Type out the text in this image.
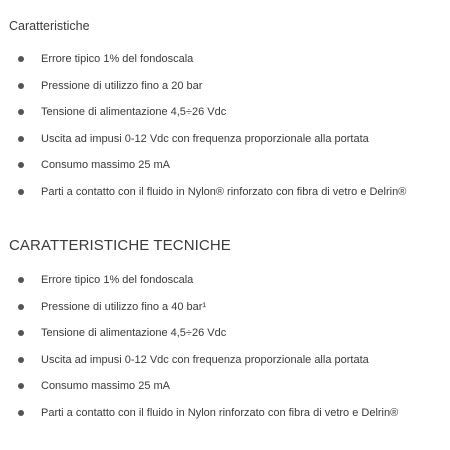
Caratteristiche
Errore tipico 1% del fondoscala
Pressione di utilizzo fino a 20 bar
Tensione di alimentazione 4,5÷26 Vdc
Uscita ad impusi 0-12 Vdc con frequenza proporzionale alla portata
Consumo massimo 25 mA
Parti a contatto con il fluido in Nylon® rinforzato con fibra di vetro e Delrin®
CARATTERISTICHE TECNICHE
Errore tipico 1% del fondoscala
Pressione di utilizzo fino a 40 bar¹
Tensione di alimentazione 4,5÷26 Vdc
Uscita ad impusi 0-12 Vdc con frequenza proporzionale alla portata
Consumo massimo 25 mA
Parti a contatto con il fluido in Nylon rinforzato con fibra di vetro e Delrin®
